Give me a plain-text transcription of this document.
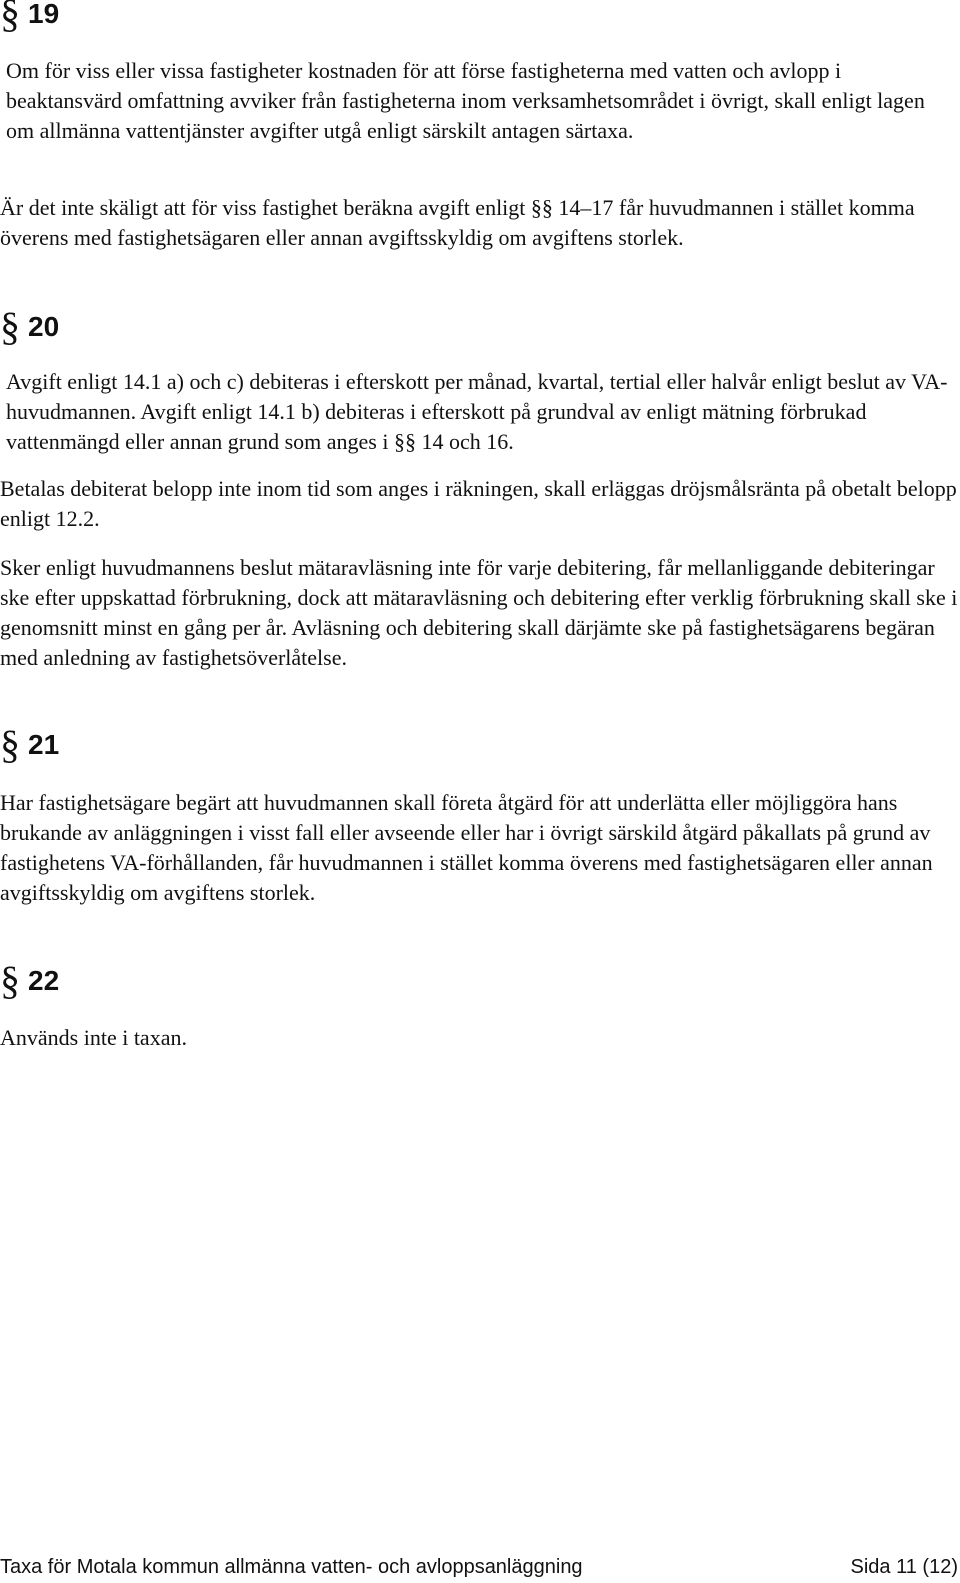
§ 19

Om för viss eller vissa fastigheter kostnaden för att förse fastigheterna med vatten och avlopp i beaktansvärd omfattning avviker från fastigheterna inom verksamhetsområdet i övrigt, skall enligt lagen om allmänna vattentjänster avgifter utgå enligt särskilt antagen särtaxa.

Är det inte skäligt att för viss fastighet beräkna avgift enligt §§ 14–17 får huvudmannen i stället komma överens med fastighetsägaren eller annan avgiftsskyldig om avgiftens storlek.

§ 20

Avgift enligt 14.1 a) och c) debiteras i efterskott per månad, kvartal, tertial eller halvår enligt beslut av VA-huvudmannen. Avgift enligt 14.1 b) debiteras i efterskott på grundval av enligt mätning förbrukad vattenmängd eller annan grund som anges i §§ 14 och 16.

Betalas debiterat belopp inte inom tid som anges i räkningen, skall erläggas dröjsmålsränta på obetalt belopp enligt 12.2.

Sker enligt huvudmannens beslut mätaravläsning inte för varje debitering, får mellanliggande debiteringar ske efter uppskattad förbrukning, dock att mätaravläsning och debitering efter verklig förbrukning skall ske i genomsnitt minst en gång per år. Avläsning och debitering skall därjämte ske på fastighetsägarens begäran med anledning av fastighetsöverlåtelse.

§ 21

Har fastighetsägare begärt att huvudmannen skall företa åtgärd för att underlätta eller möjliggöra hans brukande av anläggningen i visst fall eller avseende eller har i övrigt särskild åtgärd påkallats på grund av fastighetens VA-förhållanden, får huvudmannen i stället komma överens med fastighetsägaren eller annan avgiftsskyldig om avgiftens storlek.

§ 22

Används inte i taxan.

Taxa för Motala kommun allmänna vatten- och avloppsanläggning	Sida 11 (12)
